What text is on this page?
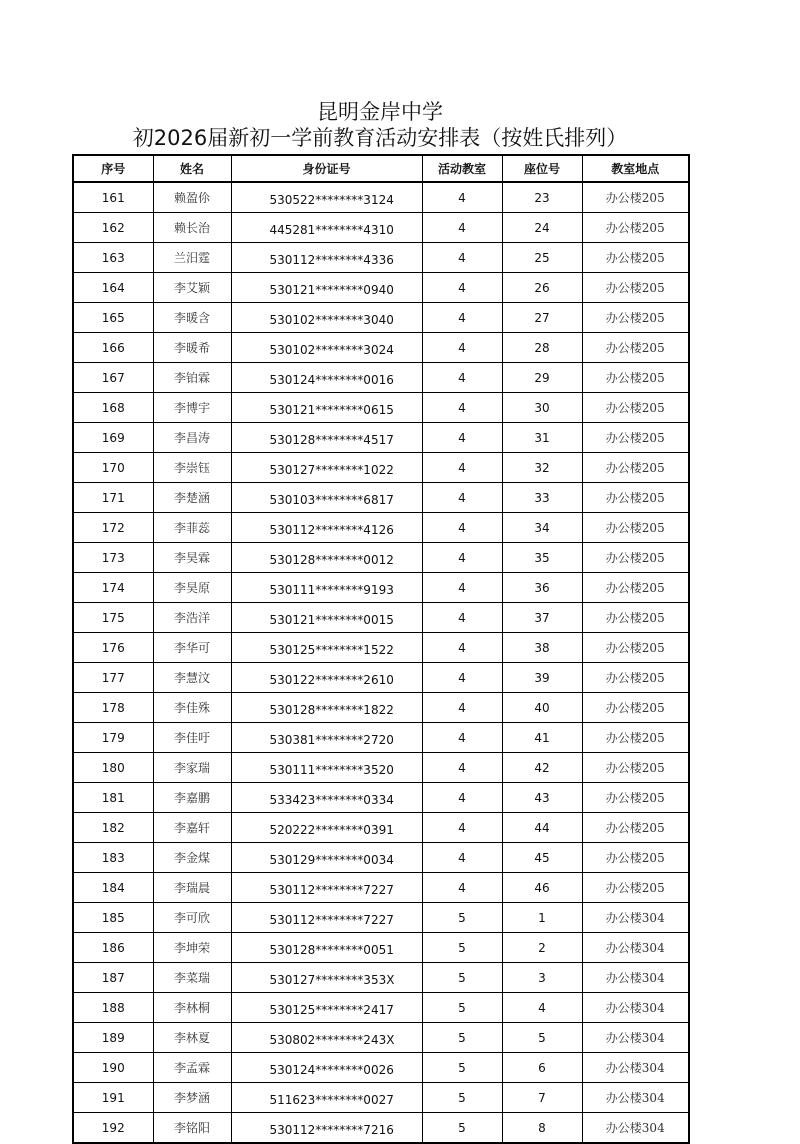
昆明金岸中学
初2026届新初一学前教育活动安排表（按姓氏排列）
序号	姓名	身份证号	活动教室	座位号	教室地点
161	赖盈伱	530522********3124	4	23	办公楼205
162	赖长治	445281********4310	4	24	办公楼205
163	兰汨霆	530112********4336	4	25	办公楼205
164	李艾颖	530121********0940	4	26	办公楼205
165	李暖含	530102********3040	4	27	办公楼205
166	李暖希	530102********3024	4	28	办公楼205
167	李铂霖	530124********0016	4	29	办公楼205
168	李博宇	530121********0615	4	30	办公楼205
169	李昌涛	530128********4517	4	31	办公楼205
170	李崇钰	530127********1022	4	32	办公楼205
171	李楚涵	530103********6817	4	33	办公楼205
172	李菲蕊	530112********4126	4	34	办公楼205
173	李昊霖	530128********0012	4	35	办公楼205
174	李昊原	530111********9193	4	36	办公楼205
175	李浩洋	530121********0015	4	37	办公楼205
176	李华可	530125********1522	4	38	办公楼205
177	李慧汶	530122********2610	4	39	办公楼205
178	李佳殊	530128********1822	4	40	办公楼205
179	李佳吁	530381********2720	4	41	办公楼205
180	李家瑞	530111********3520	4	42	办公楼205
181	李嘉鹏	533423********0334	4	43	办公楼205
182	李嘉轩	520222********0391	4	44	办公楼205
183	李金煤	530129********0034	4	45	办公楼205
184	李瑞晨	530112********7227	4	46	办公楼205
185	李可欣	530112********7227	5	1	办公楼304
186	李坤荣	530128********0051	5	2	办公楼304
187	李菜瑞	530127********353X	5	3	办公楼304
188	李林桐	530125********2417	5	4	办公楼304
189	李林夏	530802********243X	5	5	办公楼304
190	李孟霖	530124********0026	5	6	办公楼304
191	李梦涵	511623********0027	5	7	办公楼304
192	李铭阳	530112********7216	5	8	办公楼304
